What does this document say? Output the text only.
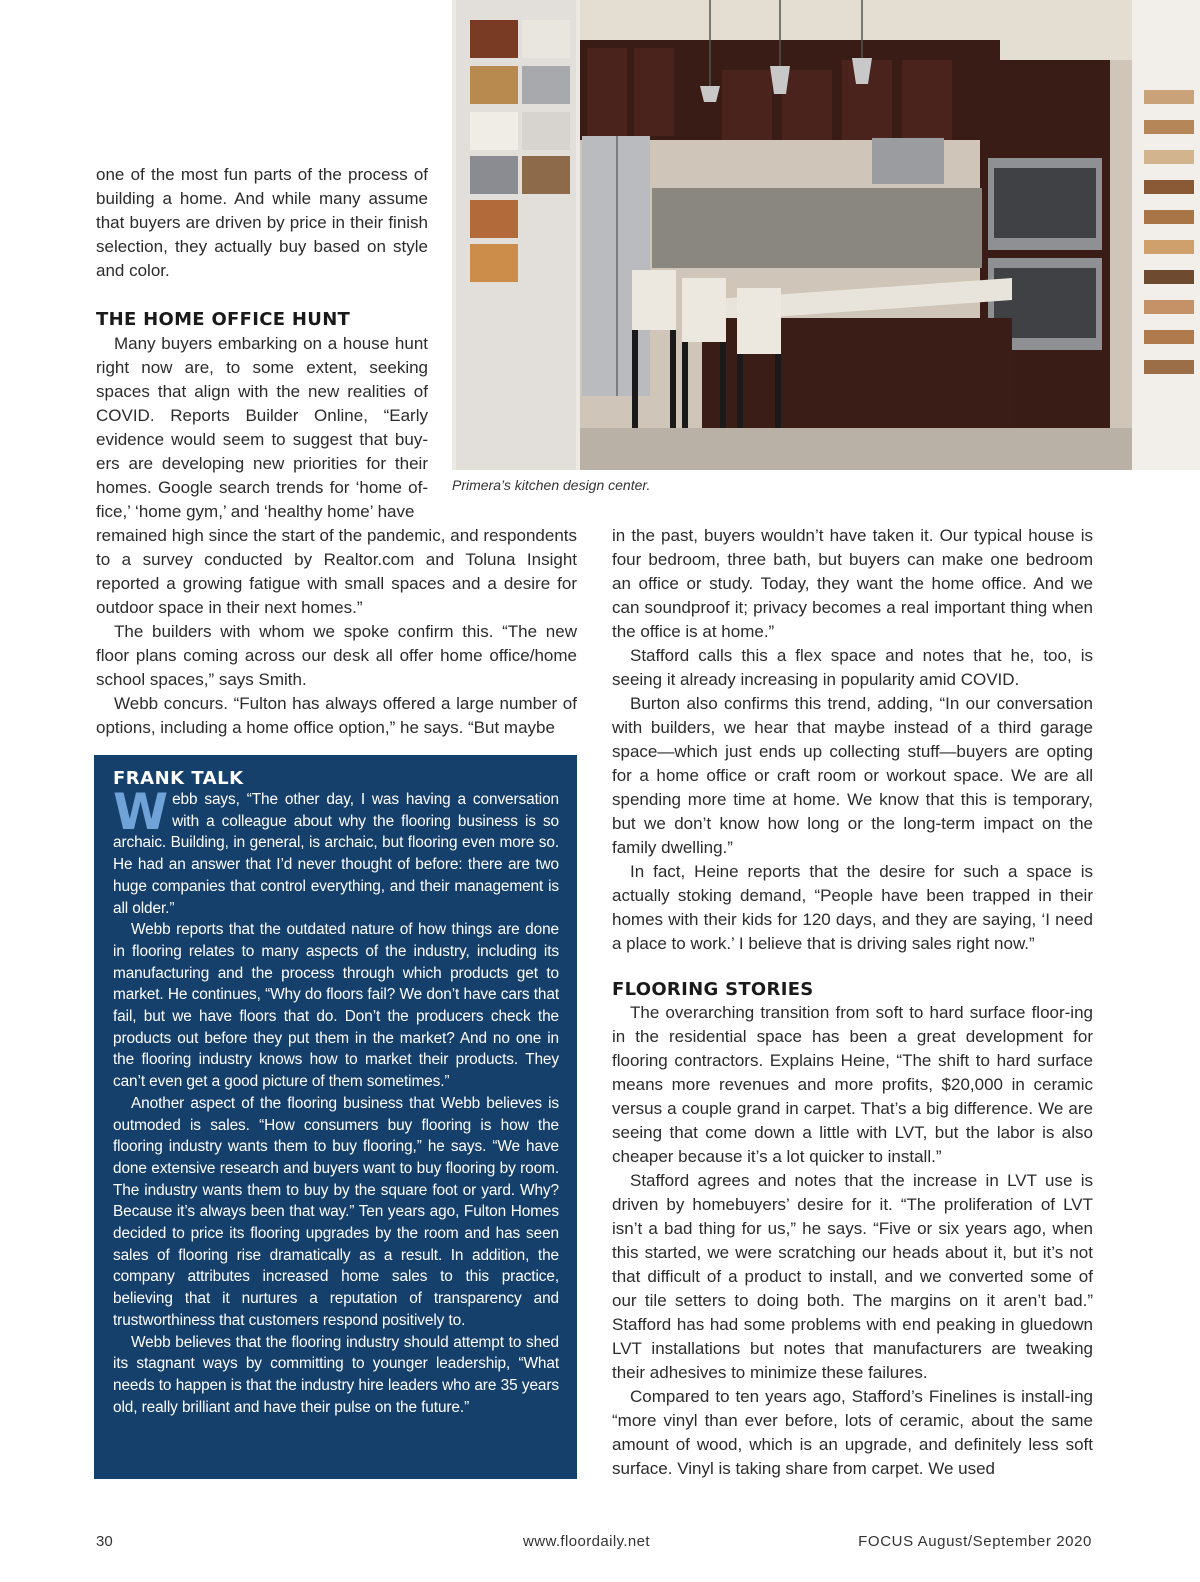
Primera’s kitchen design center.

one of the most fun parts of the process of building a home. And while many assume that buyers are driven by price in their finish selection, they actually buy based on style and color.

THE HOME OFFICE HUNT

Many buyers embarking on a house hunt right now are, to some extent, seeking spaces that align with the new realities of COVID. Reports Builder Online, “Early evidence would seem to suggest that buy-ers are developing new priorities for their homes. Google search trends for ‘home of-fice,’ ‘home gym,’ and ‘healthy home’ have

remained high since the start of the pandemic, and respondents to a survey conducted by Realtor.com and Toluna Insight reported a growing fatigue with small spaces and a desire for outdoor space in their next homes.”

The builders with whom we spoke confirm this. “The new floor plans coming across our desk all offer home office/home school spaces,” says Smith.

Webb concurs. “Fulton has always offered a large number of options, including a home office option,” he says. “But maybe

FRANK TALK

Webb says, “The other day, I was having a conversation with a colleague about why the flooring business is so archaic. Building, in general, is archaic, but flooring even more so. He had an answer that I’d never thought of before: there are two huge companies that control everything, and their management is all older.”

Webb reports that the outdated nature of how things are done in flooring relates to many aspects of the industry, including its manufacturing and the process through which products get to market. He continues, “Why do floors fail? We don’t have cars that fail, but we have floors that do. Don’t the producers check the products out before they put them in the market? And no one in the flooring industry knows how to market their products. They can’t even get a good picture of them sometimes.”

Another aspect of the flooring business that Webb believes is outmoded is sales. “How consumers buy flooring is how the flooring industry wants them to buy flooring,” he says. “We have done extensive research and buyers want to buy flooring by room. The industry wants them to buy by the square foot or yard. Why? Because it’s always been that way.” Ten years ago, Fulton Homes decided to price its flooring upgrades by the room and has seen sales of flooring rise dramatically as a result. In addition, the company attributes increased home sales to this practice, believing that it nurtures a reputation of transparency and trustworthiness that customers respond positively to.

Webb believes that the flooring industry should attempt to shed its stagnant ways by committing to younger leadership, “What needs to happen is that the industry hire leaders who are 35 years old, really brilliant and have their pulse on the future.”

in the past, buyers wouldn’t have taken it. Our typical house is four bedroom, three bath, but buyers can make one bedroom an office or study. Today, they want the home office. And we can soundproof it; privacy becomes a real important thing when the office is at home.”

Stafford calls this a flex space and notes that he, too, is seeing it already increasing in popularity amid COVID.

Burton also confirms this trend, adding, “In our conversation with builders, we hear that maybe instead of a third garage space—which just ends up collecting stuff—buyers are opting for a home office or craft room or workout space. We are all spending more time at home. We know that this is temporary, but we don’t know how long or the long-term impact on the family dwelling.”

In fact, Heine reports that the desire for such a space is actually stoking demand, “People have been trapped in their homes with their kids for 120 days, and they are saying, ‘I need a place to work.’ I believe that is driving sales right now.”

FLOORING STORIES

The overarching transition from soft to hard surface floor-ing in the residential space has been a great development for flooring contractors. Explains Heine, “The shift to hard surface means more revenues and more profits, $20,000 in ceramic versus a couple grand in carpet. That’s a big difference. We are seeing that come down a little with LVT, but the labor is also cheaper because it’s a lot quicker to install.”

Stafford agrees and notes that the increase in LVT use is driven by homebuyers’ desire for it. “The proliferation of LVT isn’t a bad thing for us,” he says. “Five or six years ago, when this started, we were scratching our heads about it, but it’s not that difficult of a product to install, and we converted some of our tile setters to doing both. The margins on it aren’t bad.” Stafford has had some problems with end peaking in gluedown LVT installations but notes that manufacturers are tweaking their adhesives to minimize these failures.

Compared to ten years ago, Stafford’s Finelines is install-ing “more vinyl than ever before, lots of ceramic, about the same amount of wood, which is an upgrade, and definitely less soft surface. Vinyl is taking share from carpet. We used

30	www.floordaily.net	FOCUS August/September 2020
